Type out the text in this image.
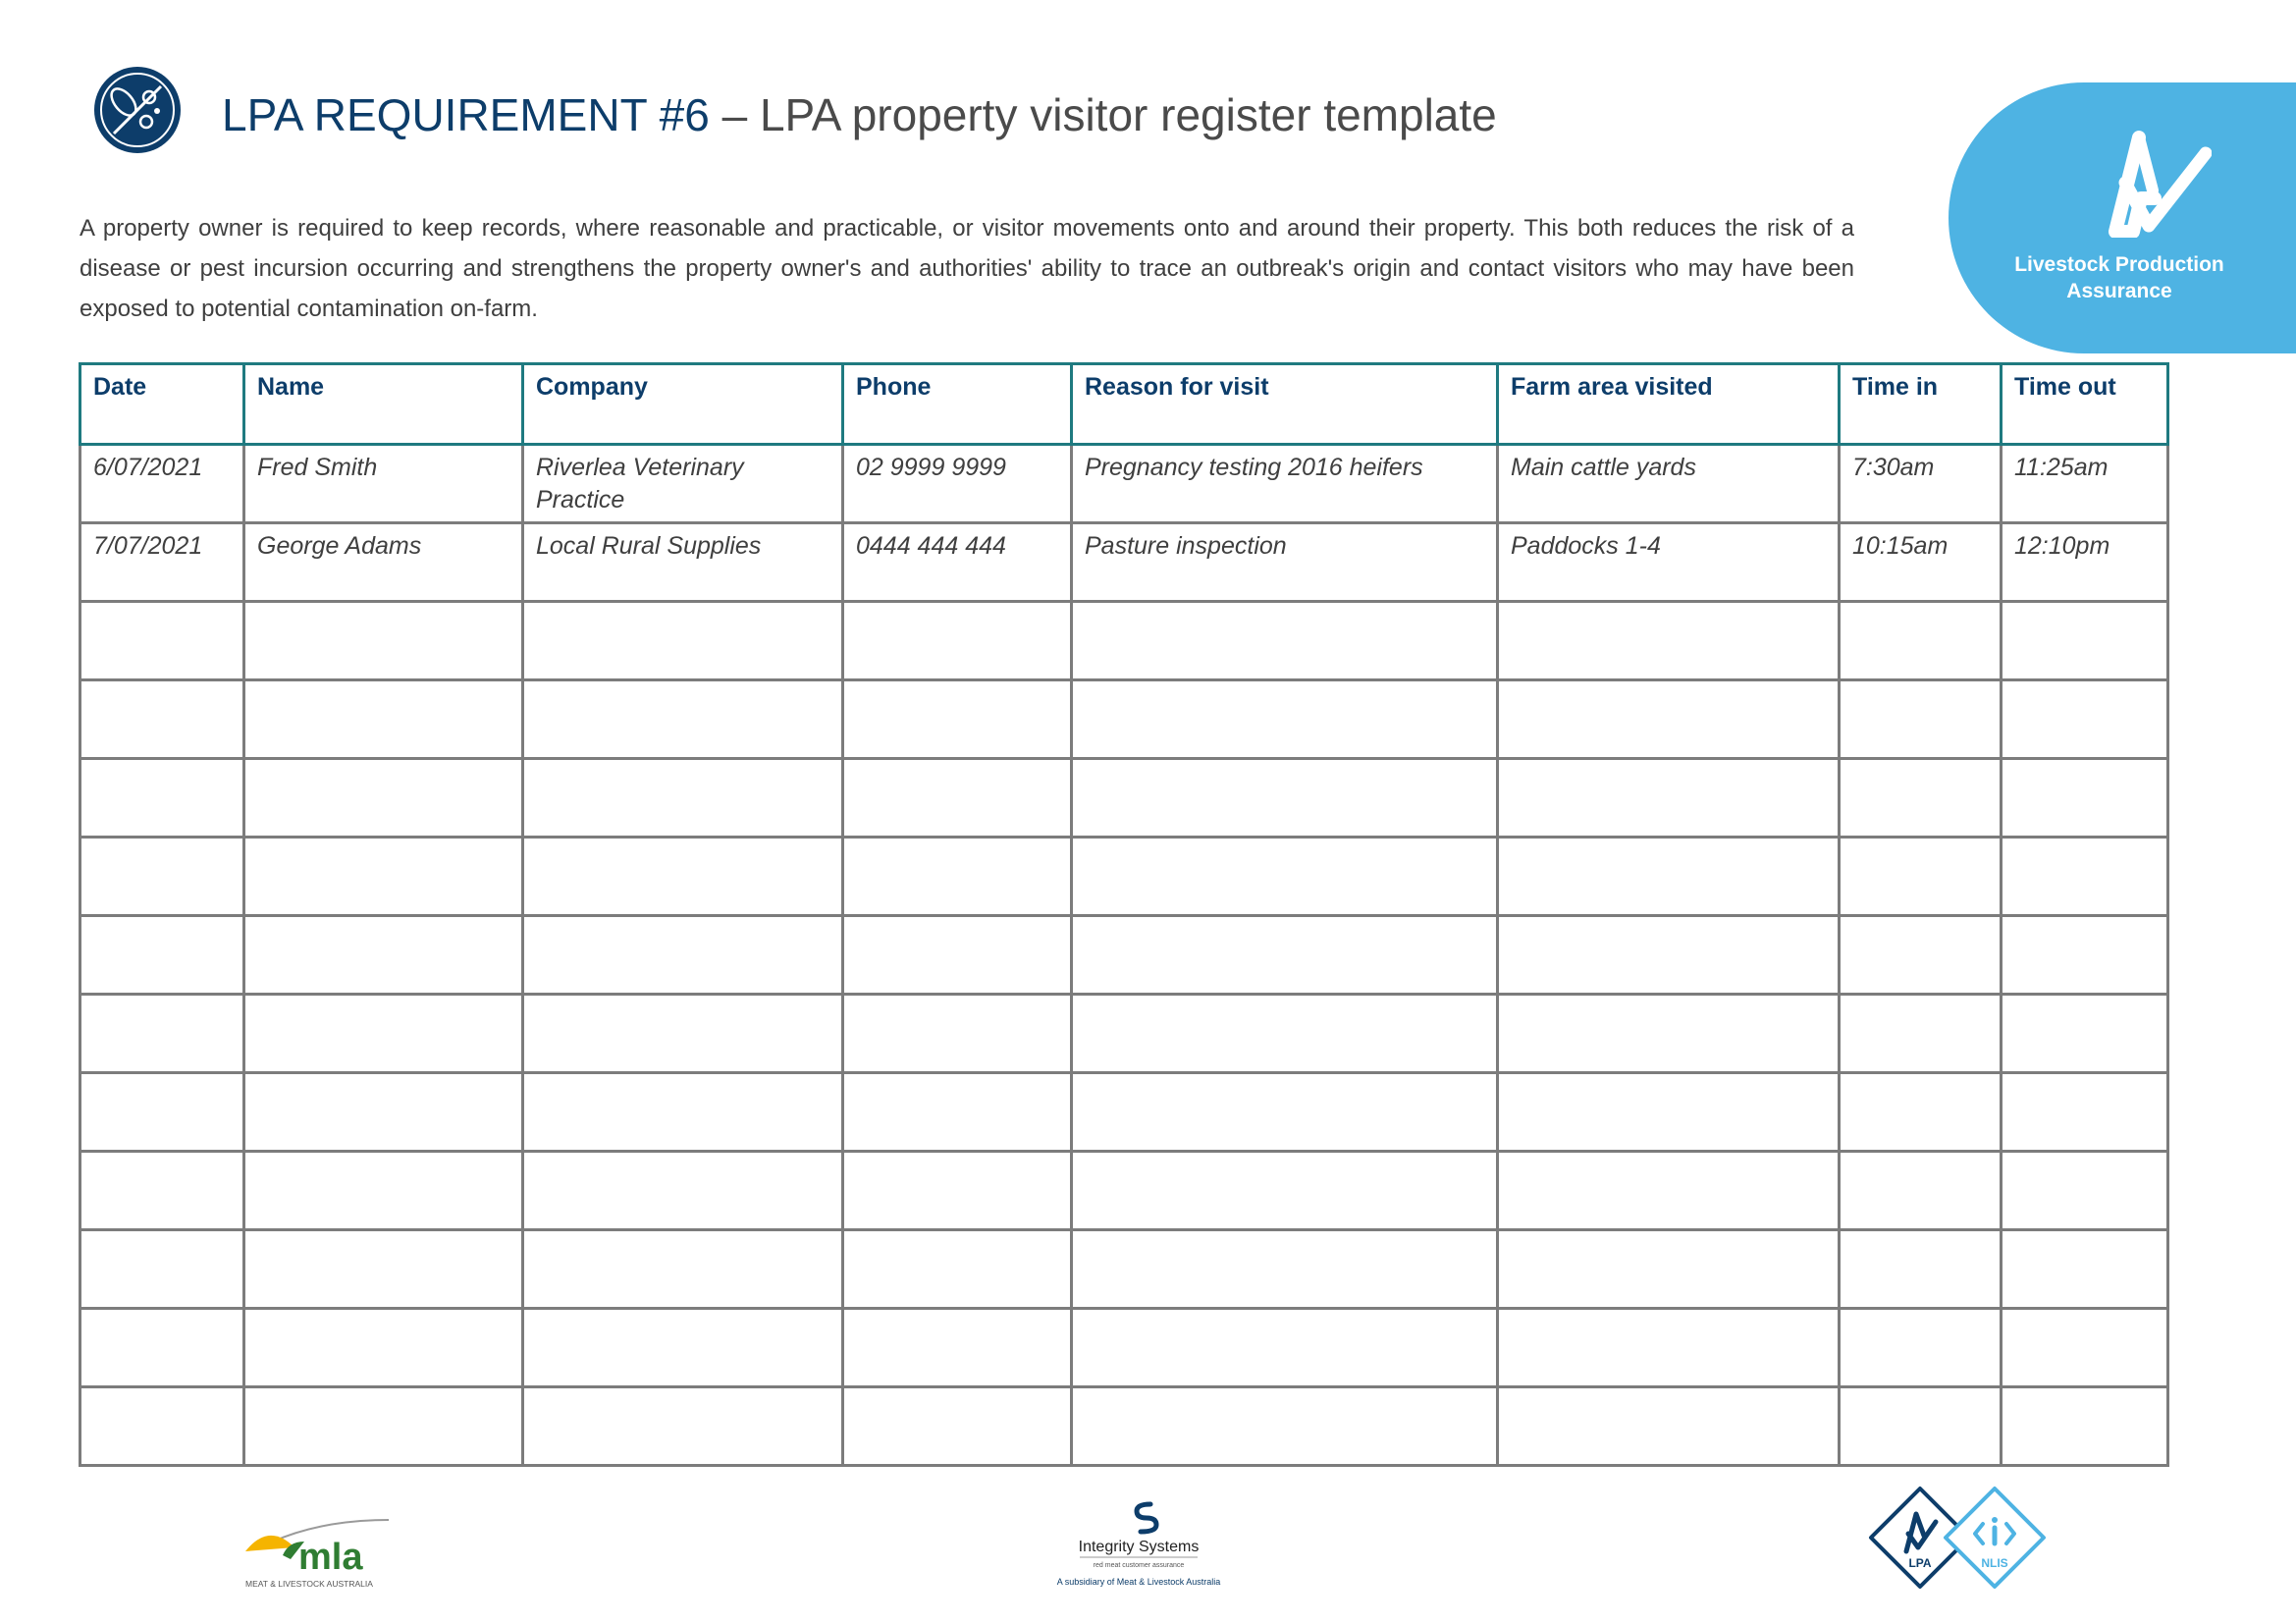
LPA REQUIREMENT #6 – LPA property visitor register template
A property owner is required to keep records, where reasonable and practicable, or visitor movements onto and around their property. This both reduces the risk of a disease or pest incursion occurring and strengthens the property owner's and authorities' ability to trace an outbreak's origin and contact visitors who may have been exposed to potential contamination on-farm.
Livestock Production
Assurance
Date	Name	Company	Phone	Reason for visit	Farm area visited	Time in	Time out
6/07/2021	Fred Smith	Riverlea Veterinary Practice	02 9999 9999	Pregnancy testing 2016 heifers	Main cattle yards	7:30am	11:25am
7/07/2021	George Adams	Local Rural Supplies	0444 444 444	Pasture inspection	Paddocks 1-4	10:15am	12:10pm

mla
MEAT & LIVESTOCK AUSTRALIA
Integrity Systems
red meat customer assurance
A subsidiary of Meat & Livestock Australia
LPA	NLIS
